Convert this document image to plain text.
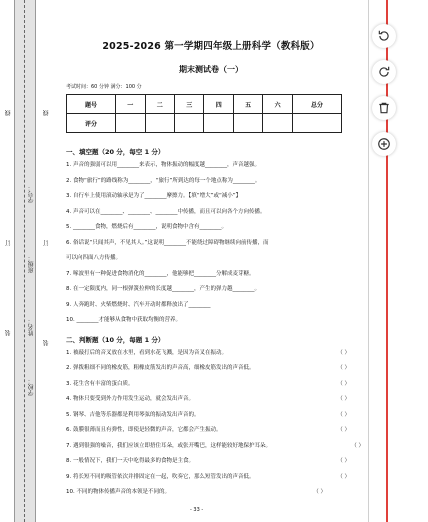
学号：
班级：
姓名：
学校：
线
订
装
线
订
装
2025-2026 第一学期四年级上册科学（教科版）
期末测试卷（一）
考试时间：60 分钟 满分：100 分
题号	一	二	三	四	五	六	总分
评分							
一、填空题（20 分，每空 1 分）
1. 声音的强弱可以用________来表示，物体振动的幅度越________，声音越强。
2. 食物“旅行”的路线称为________，“旅行”所到达的每一个地点称为________。
3. 自行车上使用滚动轴承是为了________摩擦力。【填“增大”或“减小”】
4. 声音可以在________、________、________中传播，而且可以向各个方向传播。
5. ________食物，燃烧后有________，说明食物中含有________。
6. 俗话说“只闻其声，不见其人。”这说明________不能绕过障碍物继续向前传播，而
可以向四面八方传播。
7. 啄波里有一种促进食物消化的________，他能够把________分解成麦芽糖。
8. 在一定限度内，同一根弹簧拉伸的长度越________，产生的弹力越________。
9. 人奔跑时、火柴燃烧时、汽车开动时都释放出了________
10. ________才能够从食物中获取均衡的营养。
二、判断题（10 分，每题 1 分）
1. 被敲打后的音叉放在水里，看到水花飞溅，是因为音叉在振动。	（ ）
2. 弹拨粗细不同的橡皮筋，粗橡皮筋发出的声音高，细橡皮筋发出的声音低。	（ ）
3. 花生含有丰富的蛋白质。	（ ）
4. 物体只要受到外力作用发生运动，就会发出声音。	（ ）
5. 钢琴、吉他等乐器都是利用琴弦的振动发出声音的。	（ ）
6. 鼓膜很薄而且有弹性，即使是轻微的声音，它都会产生振动。	（ ）
7. 遇到很强的噪音，我们应该立即捂住耳朵，或张开嘴巴，这样能较好地保护耳朵。	（ ）
8. 一般情况下，我们一天中吃得最多的食物是主食。	（ ）
9. 将长短不同的吸管依次并排固定在一起，吹奏它，那么短管发出的声音低。	（ ）
10. 不同的物体传播声音的本领是不同的。	（ ）
- 33 -
